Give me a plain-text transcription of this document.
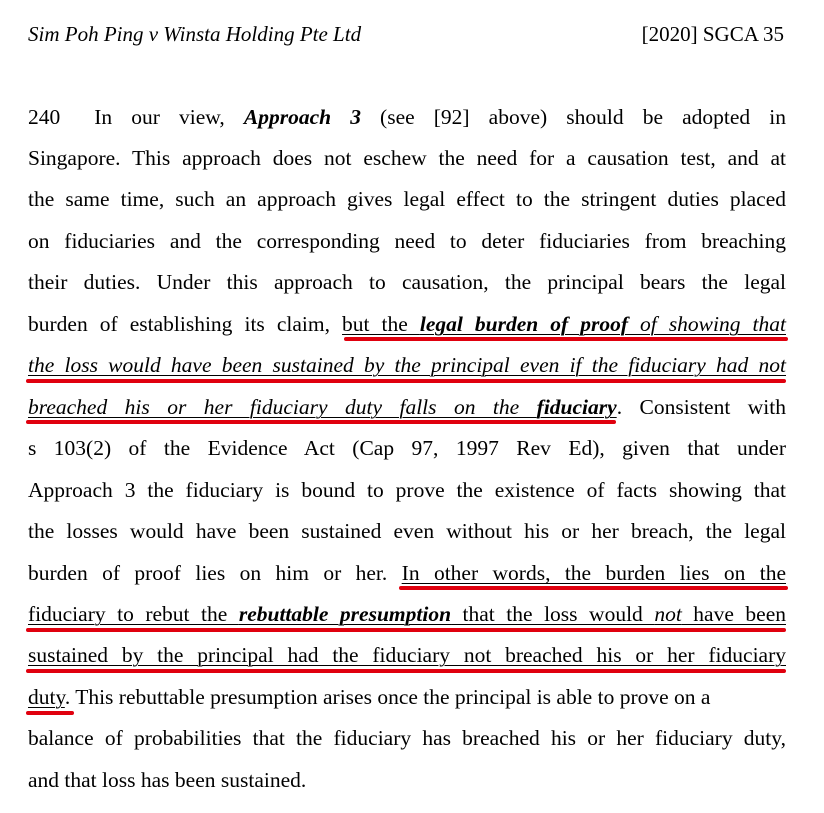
Sim Poh Ping v Winsta Holding Pte Ltd	[2020] SGCA 35
240 In our view, Approach 3 (see [92] above) should be adopted in
Singapore. This approach does not eschew the need for a causation test, and at
the same time, such an approach gives legal effect to the stringent duties placed
on fiduciaries and the corresponding need to deter fiduciaries from breaching
their duties. Under this approach to causation, the principal bears the legal
burden of establishing its claim, but the legal burden of proof of showing that
the loss would have been sustained by the principal even if the fiduciary had not
breached his or her fiduciary duty falls on the fiduciary. Consistent with
s 103(2) of the Evidence Act (Cap 97, 1997 Rev Ed), given that under
Approach 3 the fiduciary is bound to prove the existence of facts showing that
the losses would have been sustained even without his or her breach, the legal
burden of proof lies on him or her. In other words, the burden lies on the
fiduciary to rebut the rebuttable presumption that the loss would not have been
sustained by the principal had the fiduciary not breached his or her fiduciary
duty. This rebuttable presumption arises once the principal is able to prove on a
balance of probabilities that the fiduciary has breached his or her fiduciary duty,
and that loss has been sustained.
